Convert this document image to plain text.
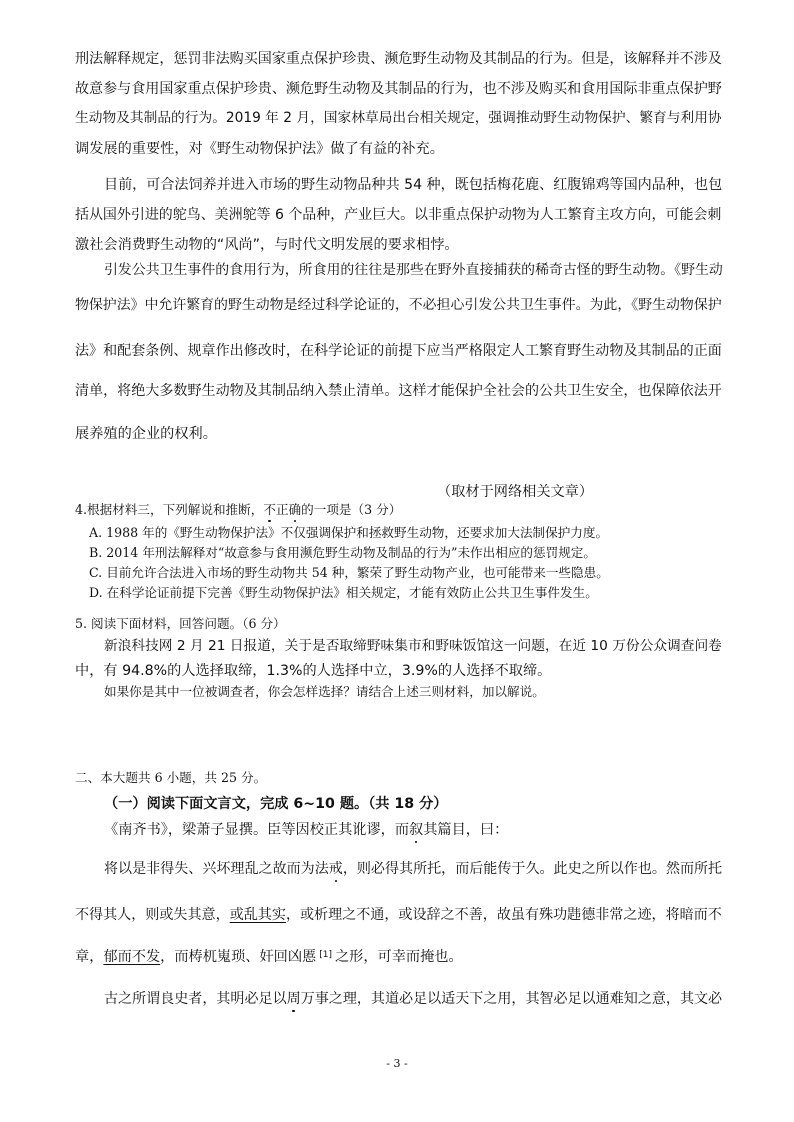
刑法解释规定，惩罚非法购买国家重点保护珍贵、濒危野生动物及其制品的行为。但是，该解释并不涉及
故意参与食用国家重点保护珍贵、濒危野生动物及其制品的行为，也不涉及购买和食用国际非重点保护野
生动物及其制品的行为。2019 年 2 月，国家林草局出台相关规定，强调推动野生动物保护、繁育与利用协
调发展的重要性，对《野生动物保护法》做了有益的补充。
目前，可合法饲养并进入市场的野生动物品种共 54 种，既包括梅花鹿、红腹锦鸡等国内品种，也包
括从国外引进的鸵鸟、美洲鸵等 6 个品种，产业巨大。以非重点保护动物为人工繁育主攻方向，可能会刺
激社会消费野生动物的“风尚”，与时代文明发展的要求相悖。
引发公共卫生事件的食用行为，所食用的往往是那些在野外直接捕获的稀奇古怪的野生动物。《野生动
物保护法》中允许繁育的野生动物是经过科学论证的，不必担心引发公共卫生事件。为此，《野生动物保护
法》和配套条例、规章作出修改时，在科学论证的前提下应当严格限定人工繁育野生动物及其制品的正面
清单，将绝大多数野生动物及其制品纳入禁止清单。这样才能保护全社会的公共卫生安全，也保障依法开
展养殖的企业的权利。
（取材于网络相关文章）
4.根据材料三，下列解说和推断，不正确的一项是（3 分）
A. 1988 年的《野生动物保护法》不仅强调保护和拯救野生动物，还要求加大法制保护力度。
B. 2014 年刑法解释对“故意参与食用濒危野生动物及制品的行为”未作出相应的惩罚规定。
C. 目前允许合法进入市场的野生动物共 54 种，繁荣了野生动物产业，也可能带来一些隐患。
D. 在科学论证前提下完善《野生动物保护法》相关规定，才能有效防止公共卫生事件发生。
5. 阅读下面材料，回答问题。（6 分）
新浪科技网 2 月 21 日报道，关于是否取缔野味集市和野味饭馆这一问题，在近 10 万份公众调查问卷
中，有 94.8%的人选择取缔，1.3%的人选择中立，3.9%的人选择不取缔。
如果你是其中一位被调查者，你会怎样选择？请结合上述三则材料，加以解说。
二、本大题共 6 小题，共 25 分。
（一）阅读下面文言文，完成 6~10 题。（共 18 分）
《南齐书》，梁萧子显撰。臣等因校正其讹谬，而叙其篇目，曰：
将以是非得失、兴坏理乱之故而为法戒，则必得其所托，而后能传于久。此史之所以作也。然而所托
不得其人，则或失其意，或乱其实，或析理之不通，或设辞之不善，故虽有殊功韪德非常之迹，将暗而不
章，郁而不发，而梼杌嵬琐、奸回凶慝 [1] 之形，可幸而掩也。
古之所谓良史者，其明必足以周万事之理，其道必足以适天下之用，其智必足以通难知之意，其文必
- 3 -
